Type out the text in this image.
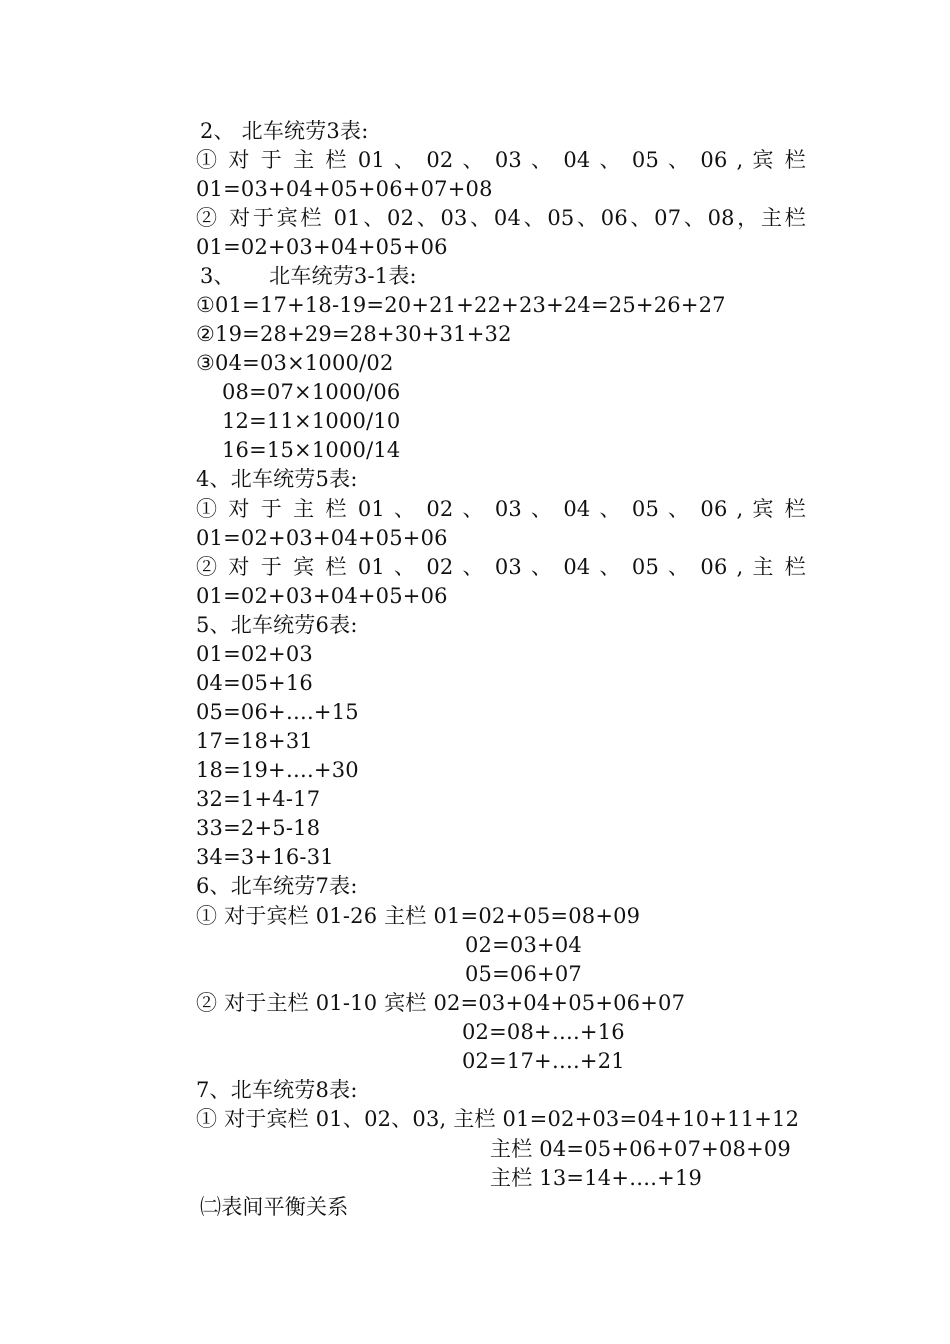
2、 北车统劳3表:
① 对 于 主 栏 01 、 02 、 03 、 04 、 05 、 06 , 宾 栏
01=03+04+05+06+07+08
② 对于宾栏 01、02、03、04、05、06、07、08，主栏
01=02+03+04+05+06
3、     北车统劳3-1表:
①01=17+18-19=20+21+22+23+24=25+26+27
②19=28+29=28+30+31+32
③04=03×1000/02
08=07×1000/06
12=11×1000/10
16=15×1000/14
4、北车统劳5表:
① 对 于 主 栏 01 、 02 、 03 、 04 、 05 、 06 , 宾 栏
01=02+03+04+05+06
② 对 于 宾 栏 01 、 02 、 03 、 04 、 05 、 06 , 主 栏
01=02+03+04+05+06
5、北车统劳6表:
01=02+03
04=05+16
05=06+….+15
17=18+31
18=19+….+30
32=1+4-17
33=2+5-18
34=3+16-31
6、北车统劳7表:
① 对于宾栏 01-26 主栏 01=02+05=08+09
02=03+04
05=06+07
② 对于主栏 01-10 宾栏 02=03+04+05+06+07
02=08+….+16
02=17+….+21
7、北车统劳8表:
① 对于宾栏 01、02、03, 主栏 01=02+03=04+10+11+12
主栏 04=05+06+07+08+09
主栏 13=14+….+19
㈡表间平衡关系
